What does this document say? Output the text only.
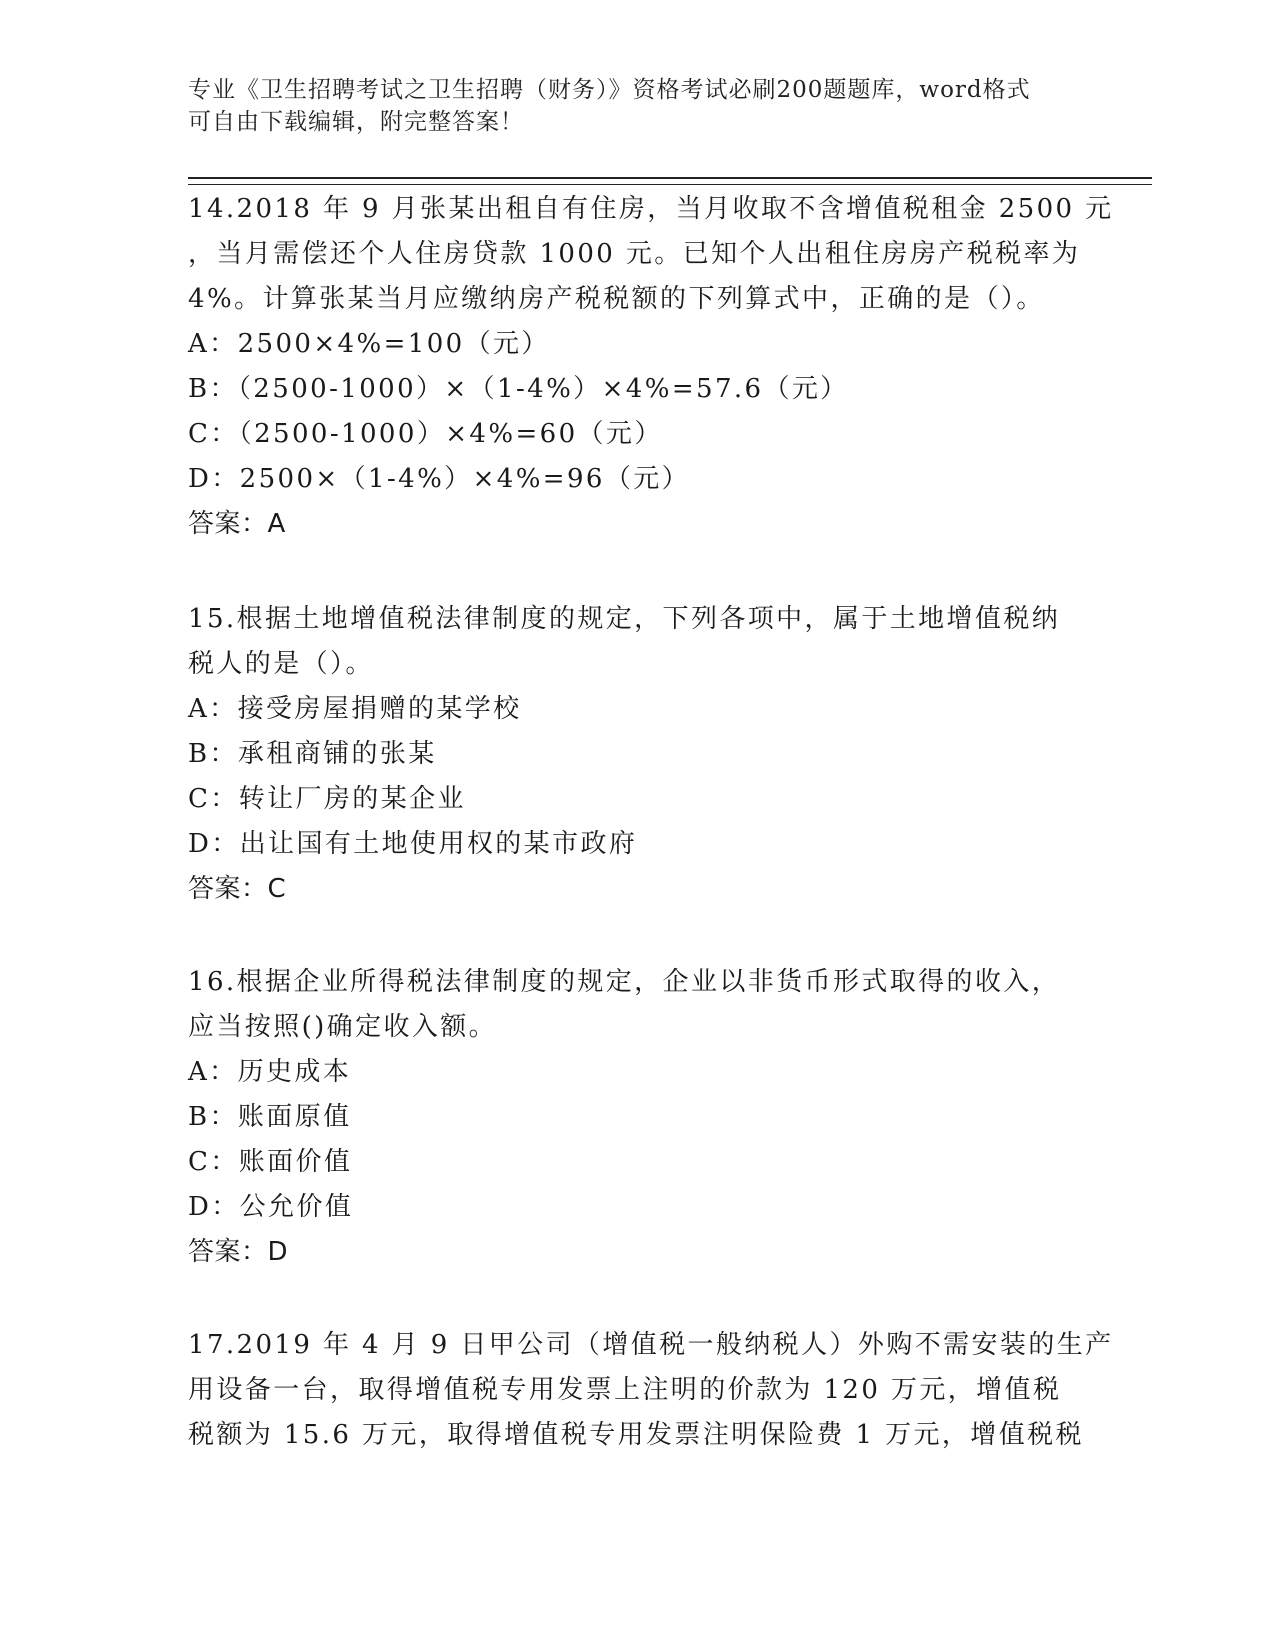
专业《卫生招聘考试之卫生招聘（财务）》资格考试必刷200题题库，word格式
可自由下载编辑，附完整答案！
14.2018 年 9 月张某出租自有住房，当月收取不含增值税租金 2500 元
，当月需偿还个人住房贷款 1000 元。已知个人出租住房房产税税率为
4%。计算张某当月应缴纳房产税税额的下列算式中，正确的是（）。
A：2500×4%=100（元）
B：（2500-1000）×（1-4%）×4%=57.6（元）
C：（2500-1000）×4%=60（元）
D：2500×（1-4%）×4%=96（元）
答案：A
15.根据土地增值税法律制度的规定，下列各项中，属于土地增值税纳
税人的是（）。
A：接受房屋捐赠的某学校
B：承租商铺的张某
C：转让厂房的某企业
D：出让国有土地使用权的某市政府
答案：C
16.根据企业所得税法律制度的规定，企业以非货币形式取得的收入，
应当按照()确定收入额。
A：历史成本
B：账面原值
C：账面价值
D：公允价值
答案：D
17.2019 年 4 月 9 日甲公司（增值税一般纳税人）外购不需安装的生产
用设备一台，取得增值税专用发票上注明的价款为 120 万元，增值税
税额为 15.6 万元，取得增值税专用发票注明保险费 1 万元，增值税税
